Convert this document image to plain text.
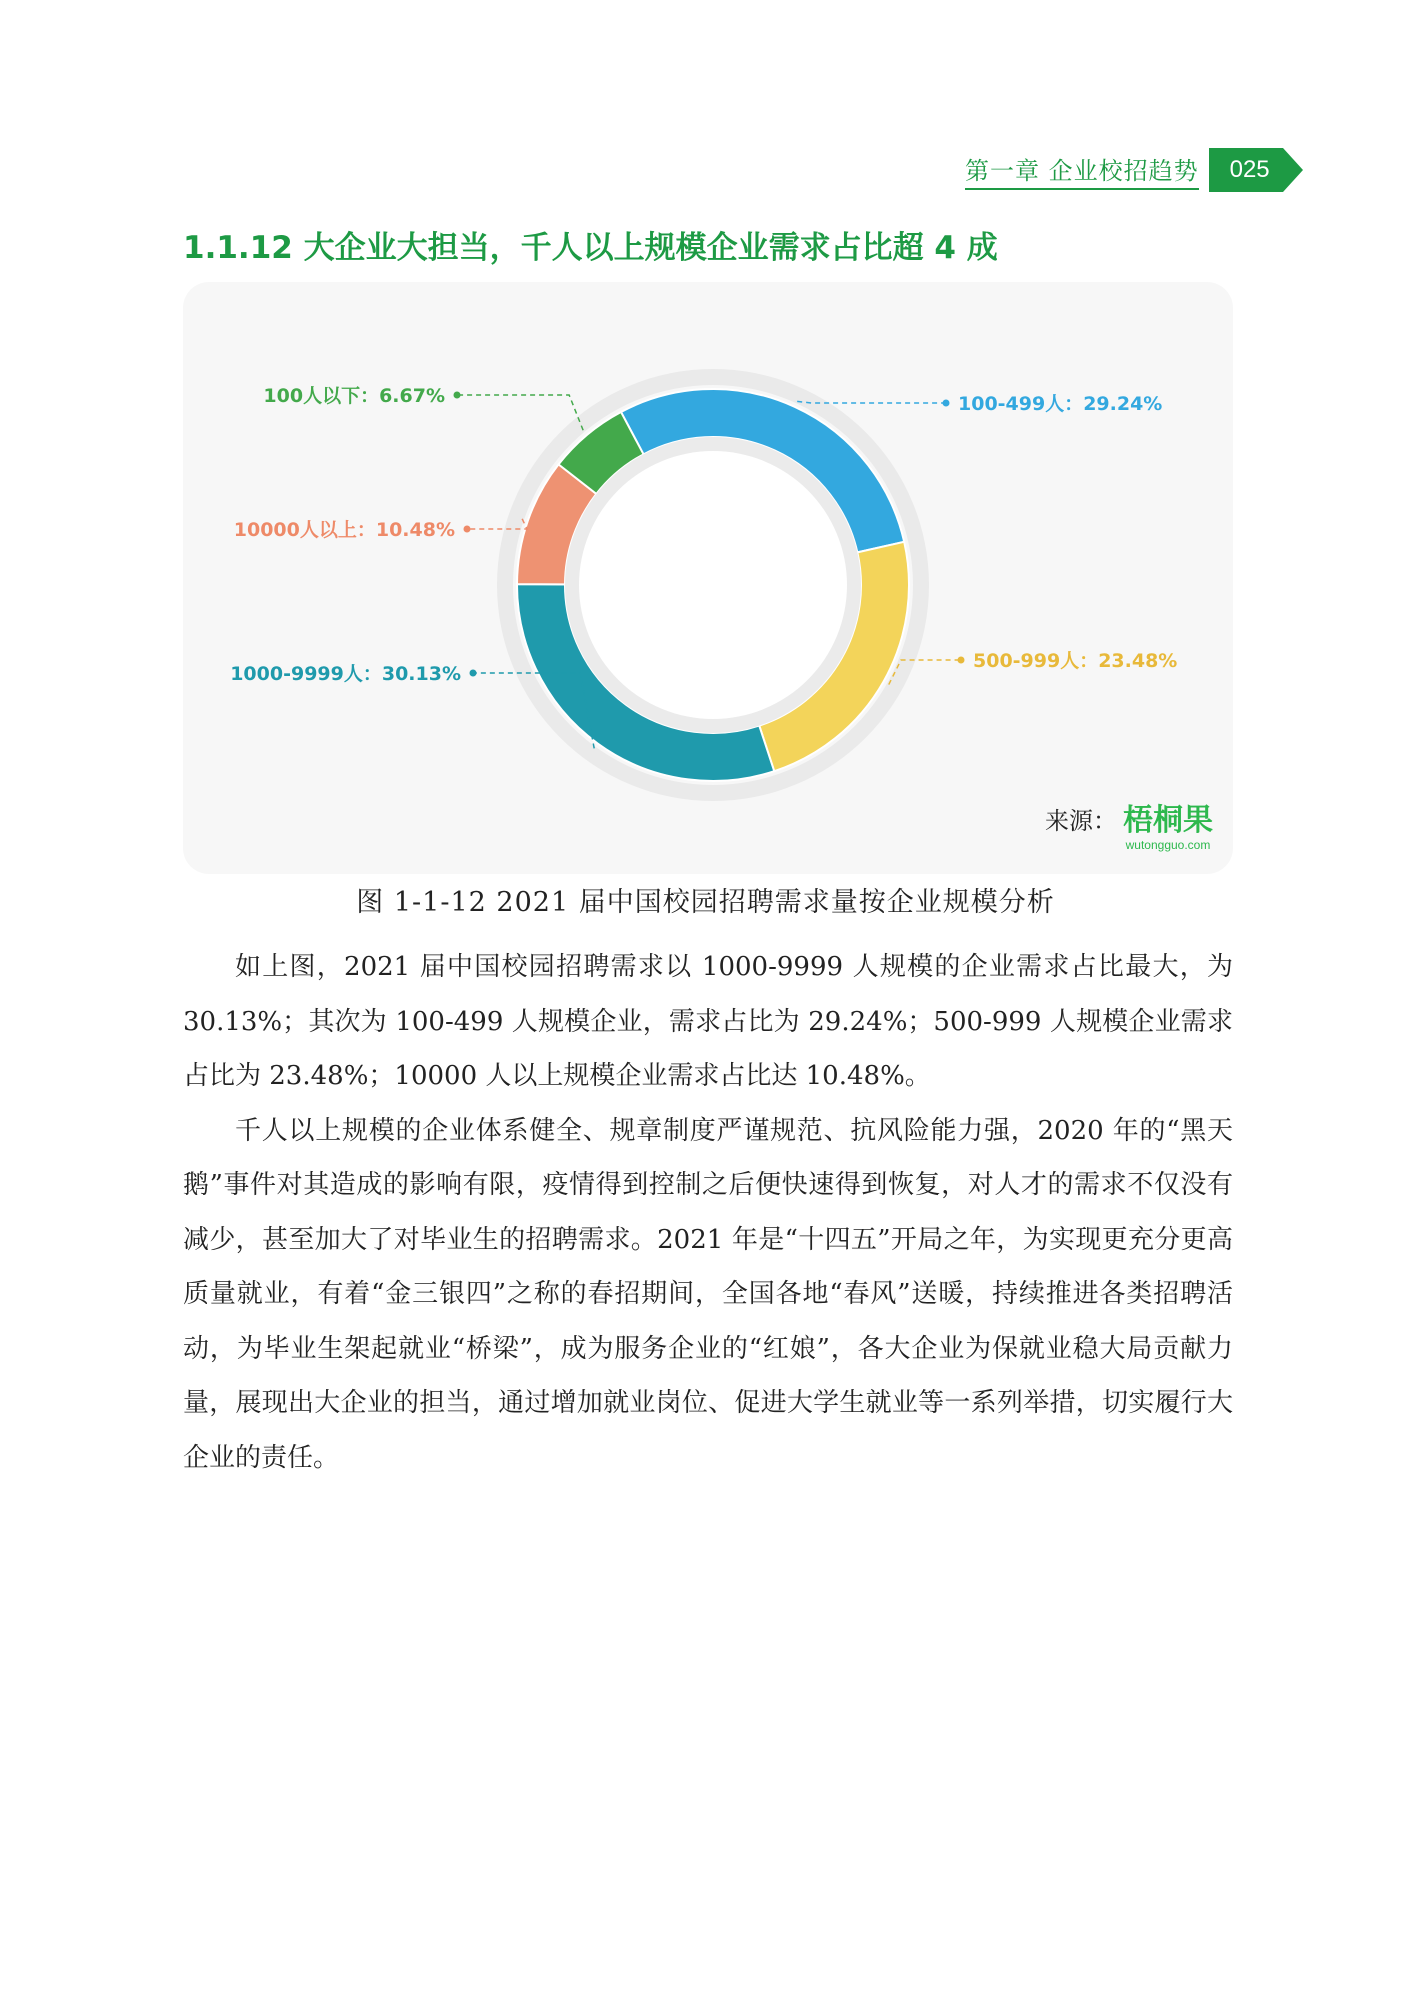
第一章 企业校招趋势	025
1.1.12 大企业大担当，千人以上规模企业需求占比超 4 成
100-499人：29.24%
500-999人：23.48%
1000-9999人：30.13%
10000人以上：10.48%
100人以下：6.67%
来源： 梧桐果
wutongguo.com
图 1-1-12 2021 届中国校园招聘需求量按企业规模分析

如上图，2021 届中国校园招聘需求以 1000-9999 人规模的企业需求占比最大，为 30.13%；其次为 100-499 人规模企业，需求占比为 29.24%；500-999 人规模企业需求占比为 23.48%；10000 人以上规模企业需求占比达 10.48%。

千人以上规模的企业体系健全、规章制度严谨规范、抗风险能力强，2020 年的“黑天鹅”事件对其造成的影响有限，疫情得到控制之后便快速得到恢复，对人才的需求不仅没有减少，甚至加大了对毕业生的招聘需求。2021 年是“十四五”开局之年，为实现更充分更高质量就业，有着“金三银四”之称的春招期间，全国各地“春风”送暖，持续推进各类招聘活动，为毕业生架起就业“桥梁”，成为服务企业的“红娘”，各大企业为保就业稳大局贡献力量，展现出大企业的担当，通过增加就业岗位、促进大学生就业等一系列举措，切实履行大企业的责任。
